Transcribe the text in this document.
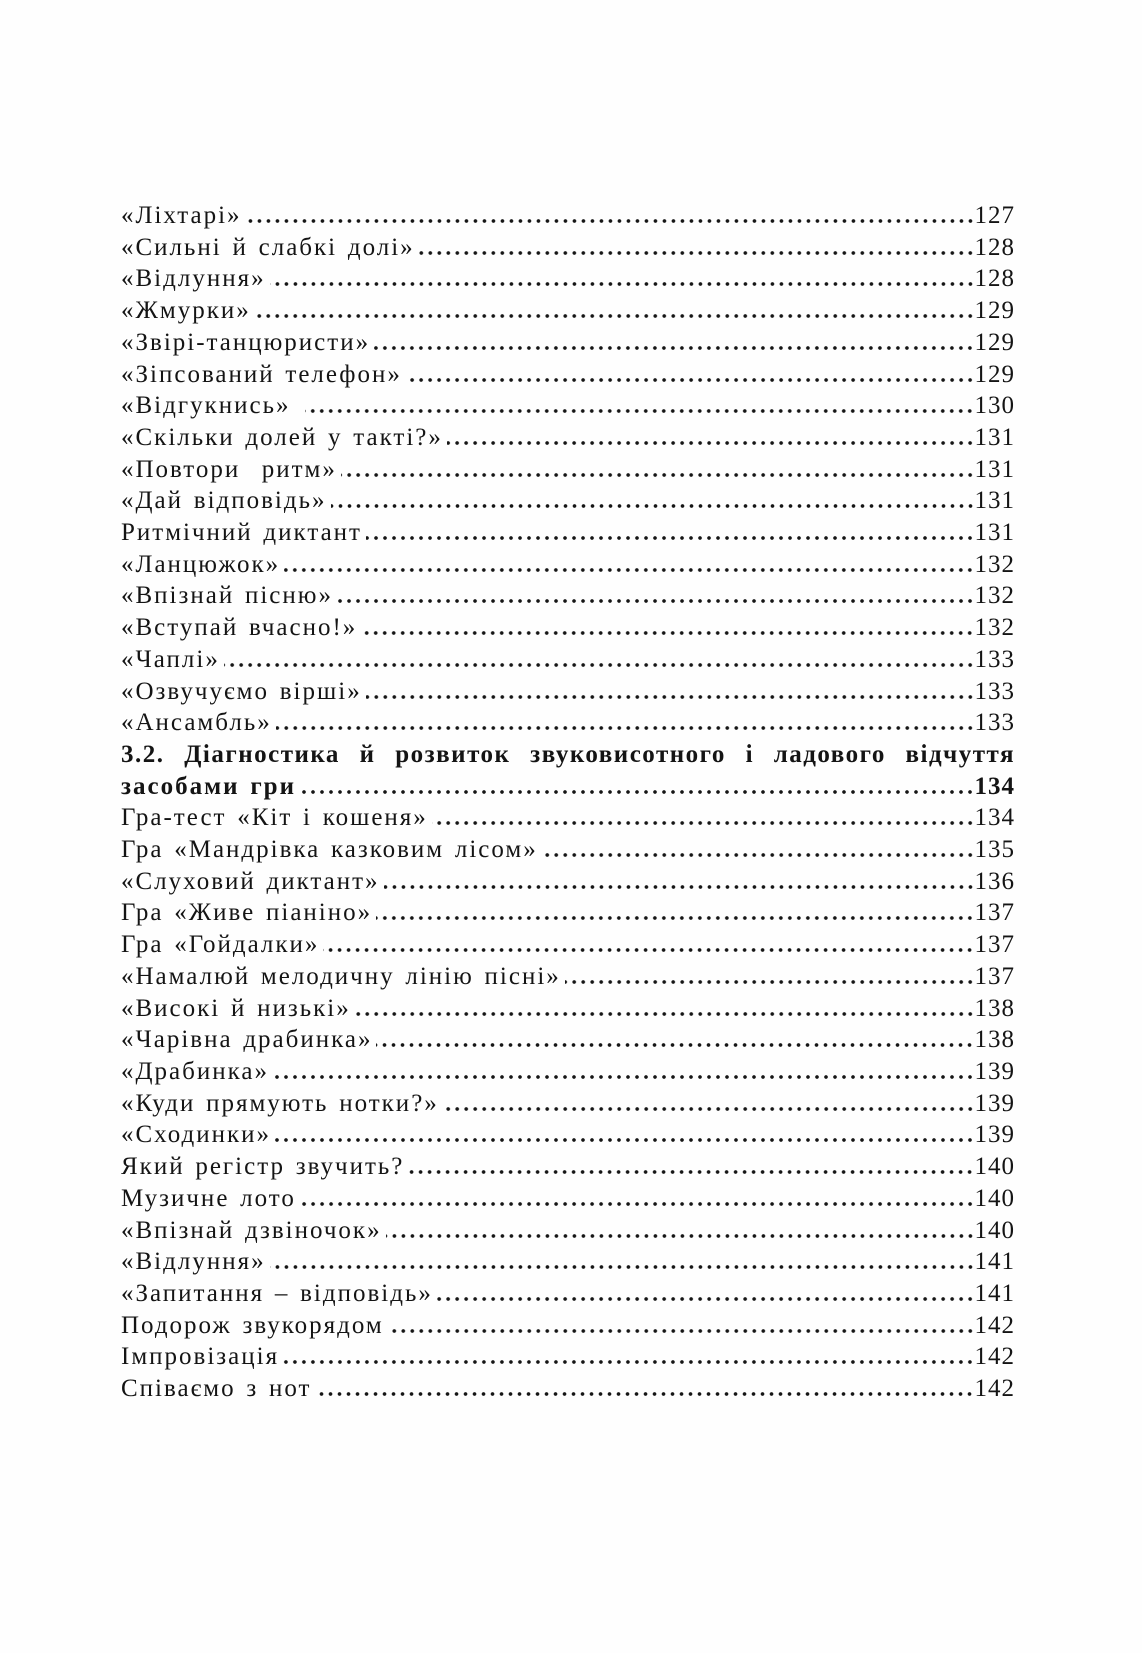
«Ліхтарі»	127
«Сильні й слабкі долі»	128
«Відлуння»	128
«Жмурки»	129
«Звірі-танцюристи»	129
«Зіпсований телефон»	129
«Відгукнись»	130
«Скільки долей у такті?»	131
«Повтори  ритм»	131
«Дай відповідь»	131
Ритмічний диктант	131
«Ланцюжок»	132
«Впізнай пісню»	132
«Вступай вчасно!»	132
«Чаплі»	133
«Озвучуємо вірші»	133
«Ансамбль»	133
3.2. Діагностика й розвиток звуковисотного і ладового відчуття
засобами гри	134
Гра-тест «Кіт і кошеня»	134
Гра «Мандрівка казковим лісом»	135
«Слуховий диктант»	136
Гра «Живе піаніно»	137
Гра «Гойдалки»	137
«Намалюй мелодичну лінію пісні»	137
«Високі й низькі»	138
«Чарівна драбинка»	138
«Драбинка»	139
«Куди прямують нотки?»	139
«Сходинки»	139
Який регістр звучить?	140
Музичне лото	140
«Впізнай дзвіночок»	140
«Відлуння»	141
«Запитання – відповідь»	141
Подорож звукорядом	142
Імпровізація	142
Співаємо з нот	142
